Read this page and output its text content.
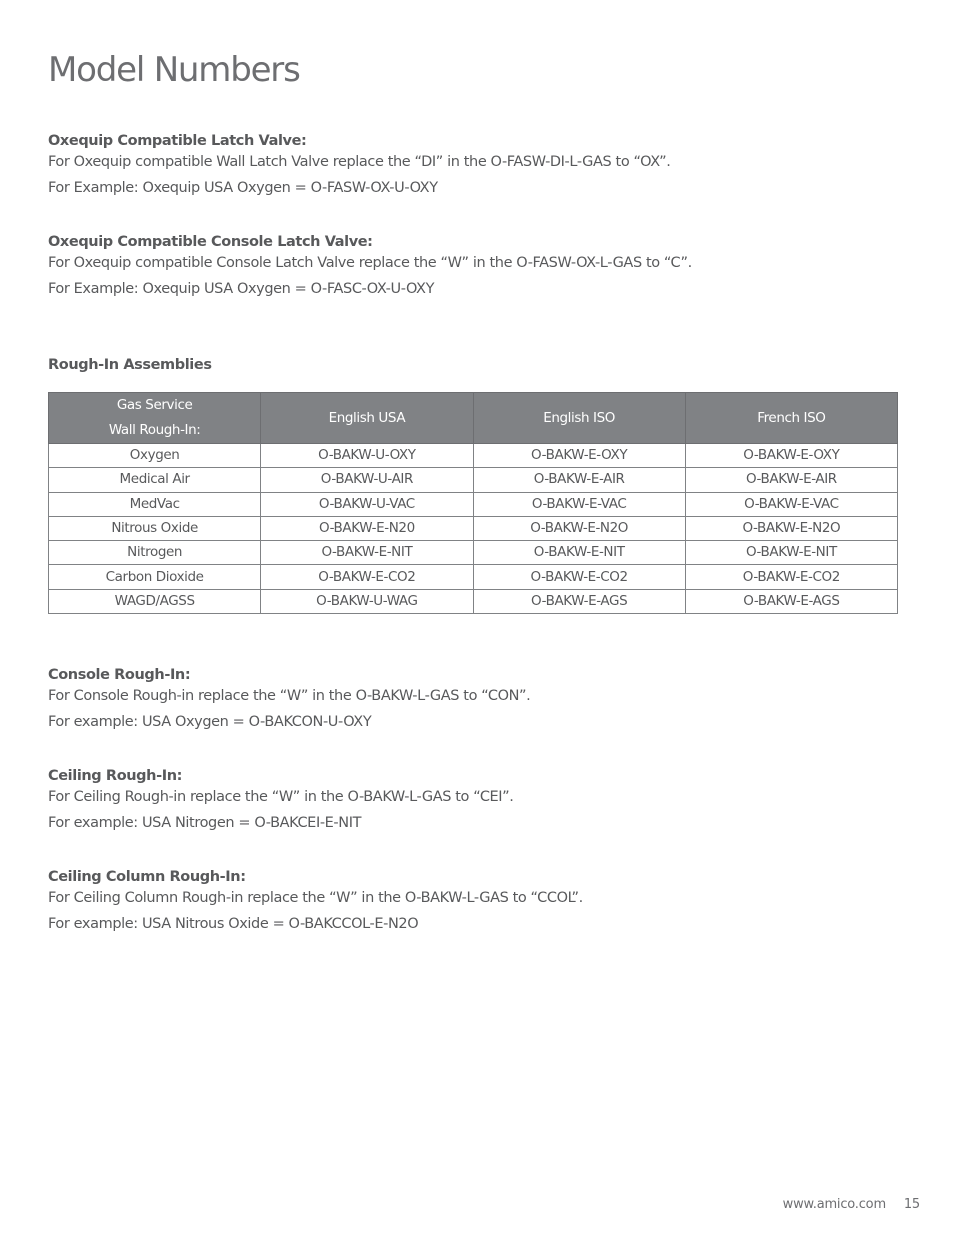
Model Numbers

Oxequip Compatible Latch Valve:

For Oxequip compatible Wall Latch Valve replace the “DI” in the O-FASW-DI-L-GAS to “OX”.

For Example: Oxequip USA Oxygen = O-FASW-OX-U-OXY

Oxequip Compatible Console Latch Valve:

For Oxequip compatible Console Latch Valve replace the “W” in the O-FASW-OX-L-GAS to “C”.

For Example: Oxequip USA Oxygen = O-FASC-OX-U-OXY

Rough-In Assemblies

Gas Service
Wall Rough-In:	English USA	English ISO	French ISO
Oxygen	O-BAKW-U-OXY	O-BAKW-E-OXY	O-BAKW-E-OXY
Medical Air	O-BAKW-U-AIR	O-BAKW-E-AIR	O-BAKW-E-AIR
MedVac	O-BAKW-U-VAC	O-BAKW-E-VAC	O-BAKW-E-VAC
Nitrous Oxide	O-BAKW-E-N20	O-BAKW-E-N2O	O-BAKW-E-N2O
Nitrogen	O-BAKW-E-NIT	O-BAKW-E-NIT	O-BAKW-E-NIT
Carbon Dioxide	O-BAKW-E-CO2	O-BAKW-E-CO2	O-BAKW-E-CO2
WAGD/AGSS	O-BAKW-U-WAG	O-BAKW-E-AGS	O-BAKW-E-AGS

Console Rough-In:

For Console Rough-in replace the “W” in the O-BAKW-L-GAS to “CON”.

For example: USA Oxygen = O-BAKCON-U-OXY

Ceiling Rough-In:

For Ceiling Rough-in replace the “W” in the O-BAKW-L-GAS to “CEI”.

For example: USA Nitrogen = O-BAKCEI-E-NIT

Ceiling Column Rough-In:

For Ceiling Column Rough-in replace the “W” in the O-BAKW-L-GAS to “CCOL”.

For example: USA Nitrous Oxide = O-BAKCCOL-E-N2O

www.amico.com 15
